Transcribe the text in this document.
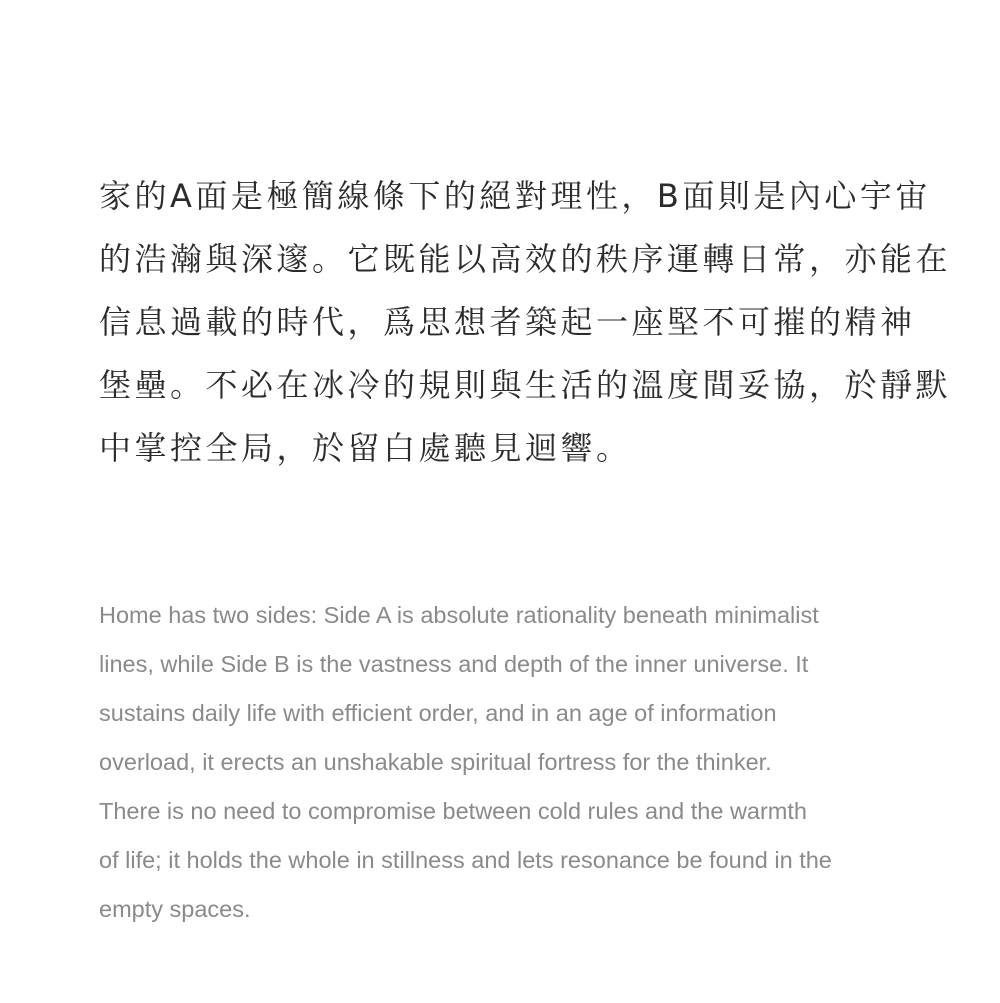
家的A面是極簡線條下的絕對理性，B面則是內心宇宙
的浩瀚與深邃。它既能以高效的秩序運轉日常，亦能在
信息過載的時代，爲思想者築起一座堅不可摧的精神
堡壘。不必在冰冷的規則與生活的溫度間妥協，於靜默
中掌控全局，於留白處聽見迴響。
Home has two sides: Side A is absolute rationality beneath minimalist
lines, while Side B is the vastness and depth of the inner universe. It
sustains daily life with efficient order, and in an age of information
overload, it erects an unshakable spiritual fortress for the thinker.
There is no need to compromise between cold rules and the warmth
of life; it holds the whole in stillness and lets resonance be found in the
empty spaces.
